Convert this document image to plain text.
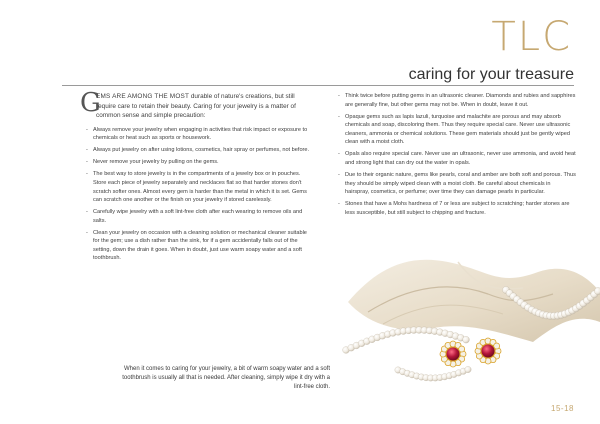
TLC
caring for your treasure
G
EMS ARE AMONG THE MOST durable of nature's creations, but still require care to retain their beauty. Caring for your jewelry is a matter of common sense and simple precaution:
- Always remove your jewelry when engaging in activities that risk impact or exposure to chemicals or heat such as sports or housework.
- Always put jewelry on after using lotions, cosmetics, hair spray or perfumes, not before.
- Never remove your jewelry by pulling on the gems.
- The best way to store jewelry is in the compartments of a jewelry box or in pouches. Store each piece of jewelry separately and necklaces flat so that harder stones don't scratch softer ones. Almost every gem is harder than the metal in which it is set. Gems can scratch one another or the finish on your jewelry if stored carelessly.
- Carefully wipe jewelry with a soft lint-free cloth after each wearing to remove oils and salts.
- Clean your jewelry on occasion with a cleaning solution or mechanical cleaner suitable for the gem; use a dish rather than the sink, for if a gem accidentally falls out of the setting, down the drain it goes. When in doubt, just use warm soapy water and a soft toothbrush.
- Think twice before putting gems in an ultrasonic cleaner. Diamonds and rubies and sapphires are generally fine, but other gems may not be. When in doubt, leave it out.
- Opaque gems such as lapis lazuli, turquoise and malachite are porous and may absorb chemicals and soap, discoloring them. Thus they require special care. Never use ultrasonic cleaners, ammonia or chemical solutions. These gem materials should just be gently wiped clean with a moist cloth.
- Opals also require special care. Never use an ultrasonic, never use ammonia, and avoid heat and strong light that can dry out the water in opals.
- Due to their organic nature, gems like pearls, coral and amber are both soft and porous. Thus they should be simply wiped clean with a moist cloth. Be careful about chemicals in hairspray, cosmetics, or perfume; over time they can damage pearls in particular.
- Stones that have a Mohs hardness of 7 or less are subject to scratching; harder stones are less susceptible, but still subject to chipping and fracture.
When it comes to caring for your jewelry, a bit of warm soapy water and a soft toothbrush is usually all that is needed. After cleaning, simply wipe it dry with a lint-free cloth.
15-18
